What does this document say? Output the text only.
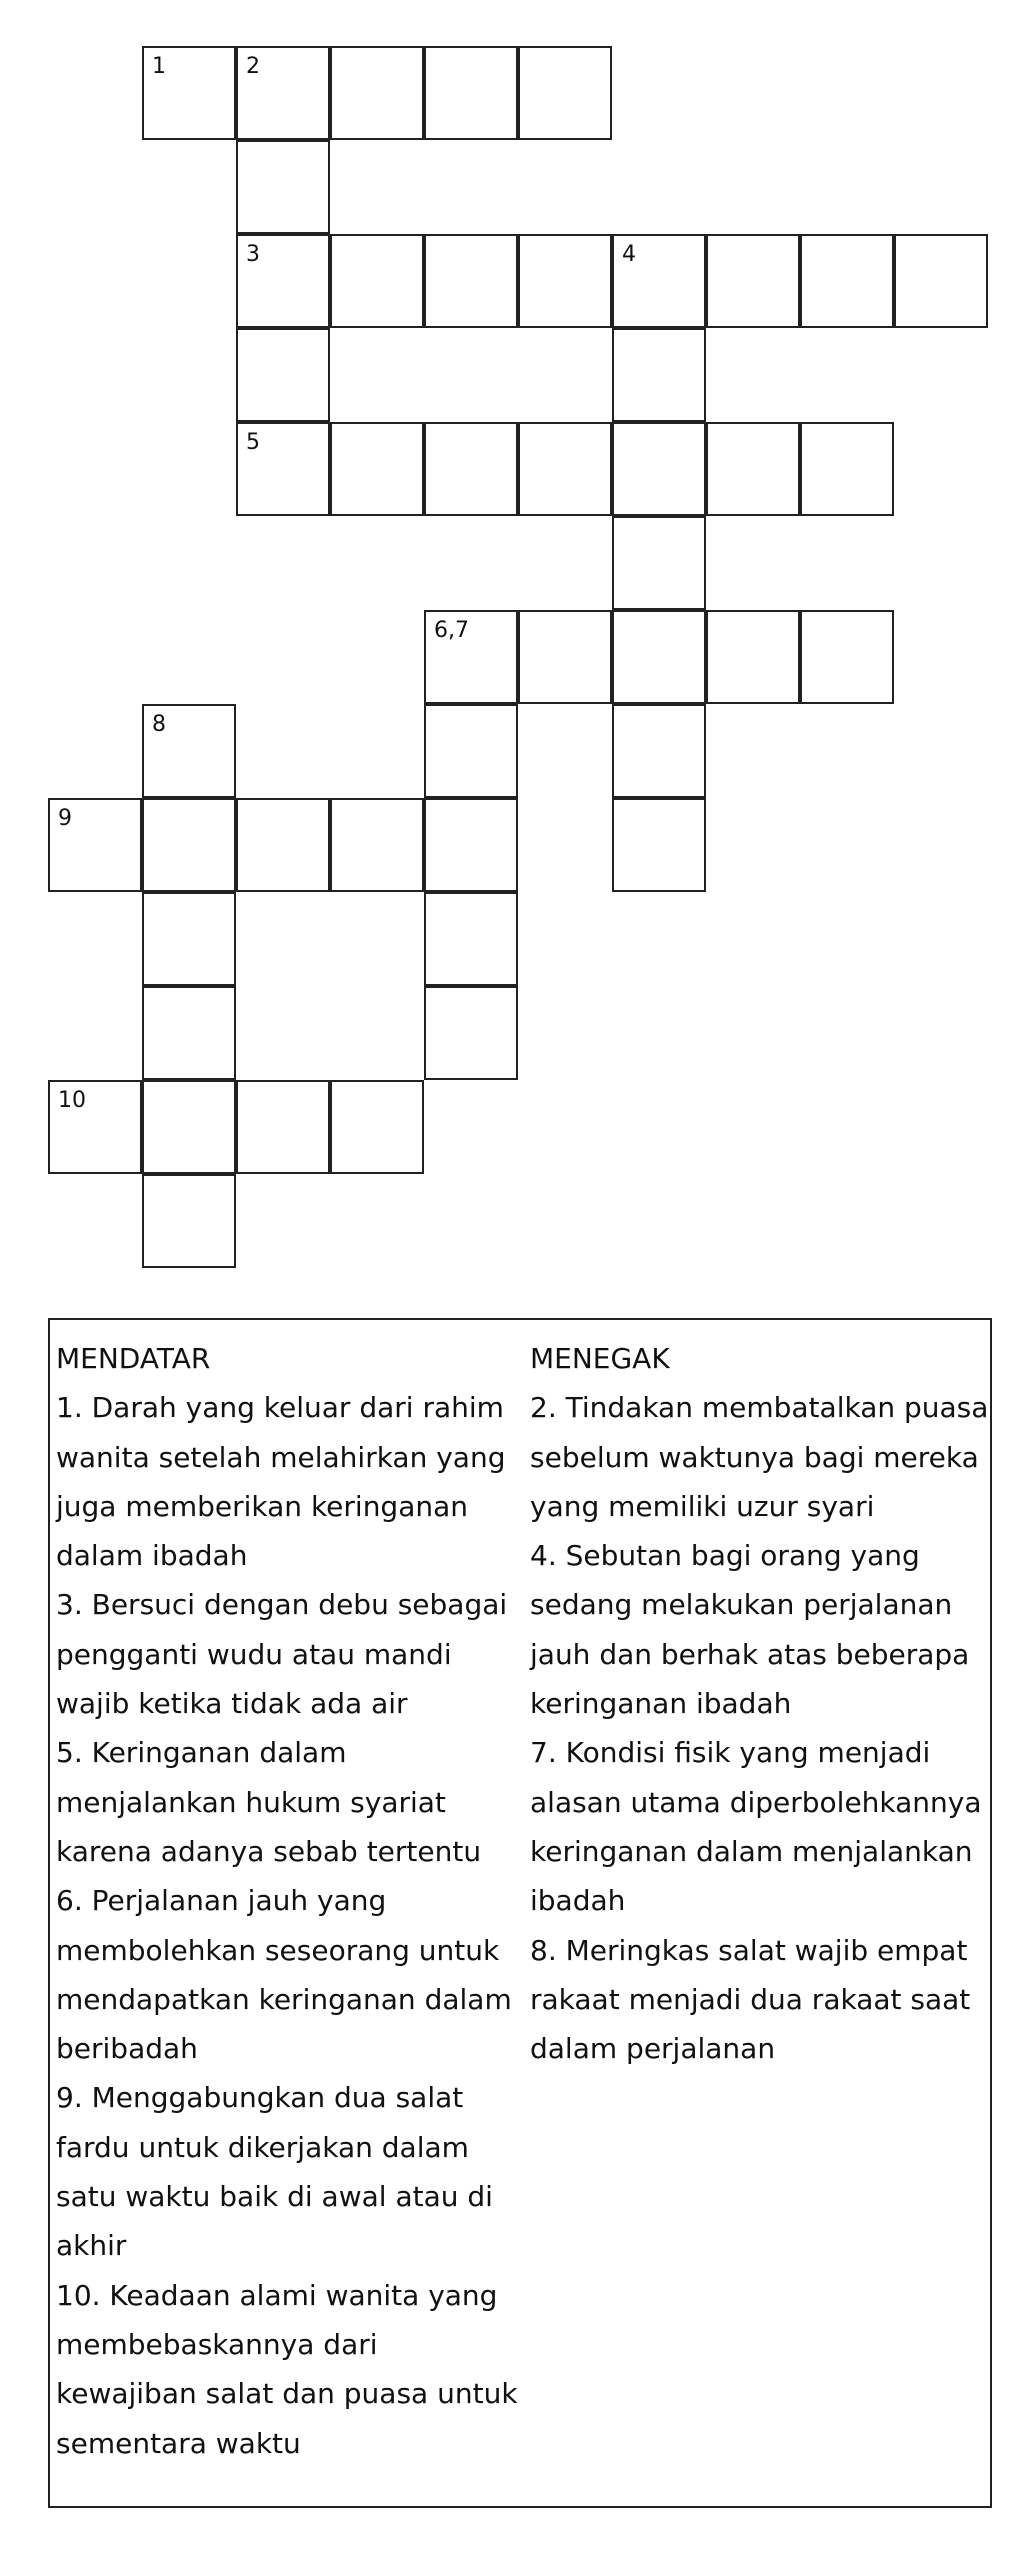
1	2
3	4
5
6,7
8
9
10
MENDATAR
1. Darah yang keluar dari rahim wanita setelah melahirkan yang juga memberikan keringanan dalam ibadah
3. Bersuci dengan debu sebagai pengganti wudu atau mandi wajib ketika tidak ada air
5. Keringanan dalam menjalankan hukum syariat karena adanya sebab tertentu
6. Perjalanan jauh yang membolehkan seseorang untuk mendapatkan keringanan dalam beribadah
9. Menggabungkan dua salat fardu untuk dikerjakan dalam satu waktu baik di awal atau di akhir
10. Keadaan alami wanita yang membebaskannya dari kewajiban salat dan puasa untuk sementara waktu
MENEGAK
2. Tindakan membatalkan puasa sebelum waktunya bagi mereka yang memiliki uzur syari
4. Sebutan bagi orang yang sedang melakukan perjalanan jauh dan berhak atas beberapa keringanan ibadah
7. Kondisi fisik yang menjadi alasan utama diperbolehkannya keringanan dalam menjalankan ibadah
8. Meringkas salat wajib empat rakaat menjadi dua rakaat saat dalam perjalanan
